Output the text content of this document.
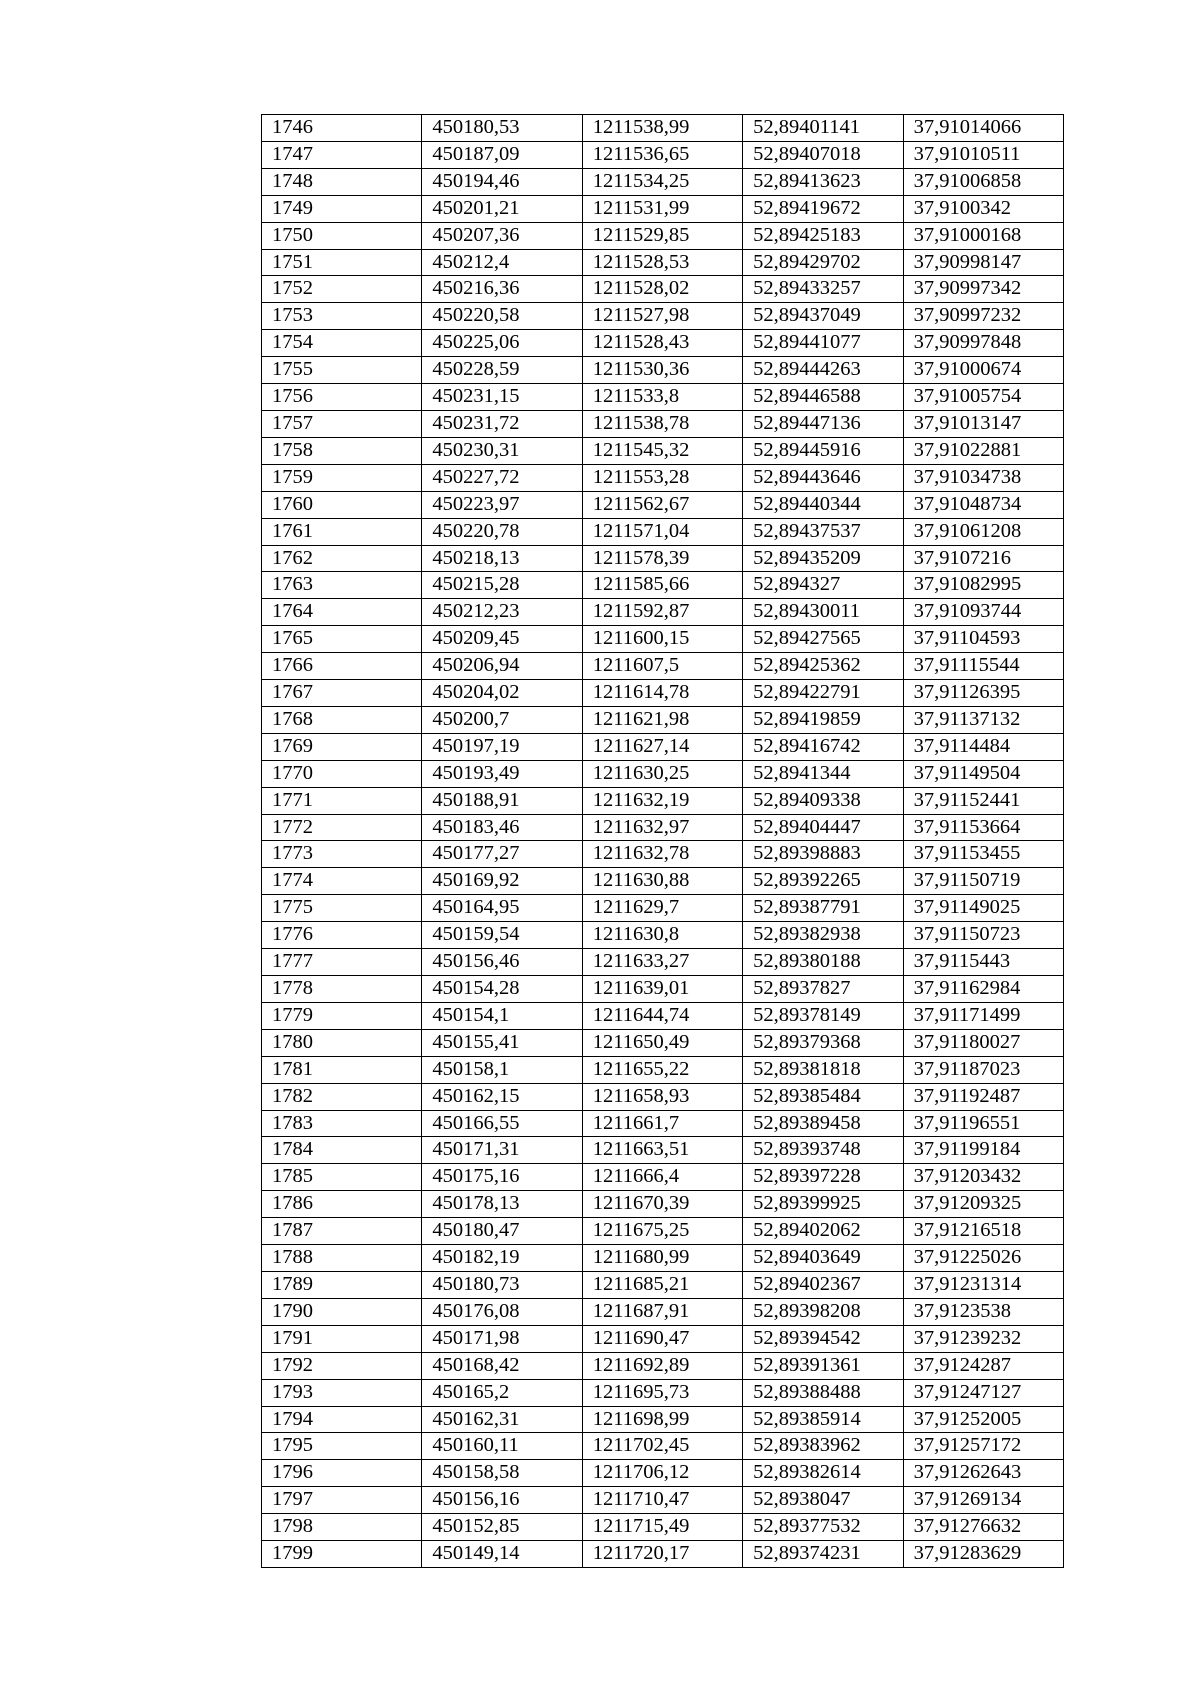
1746	450180,53	1211538,99	52,89401141	37,91014066
1747	450187,09	1211536,65	52,89407018	37,91010511
1748	450194,46	1211534,25	52,89413623	37,91006858
1749	450201,21	1211531,99	52,89419672	37,9100342
1750	450207,36	1211529,85	52,89425183	37,91000168
1751	450212,4	1211528,53	52,89429702	37,90998147
1752	450216,36	1211528,02	52,89433257	37,90997342
1753	450220,58	1211527,98	52,89437049	37,90997232
1754	450225,06	1211528,43	52,89441077	37,90997848
1755	450228,59	1211530,36	52,89444263	37,91000674
1756	450231,15	1211533,8	52,89446588	37,91005754
1757	450231,72	1211538,78	52,89447136	37,91013147
1758	450230,31	1211545,32	52,89445916	37,91022881
1759	450227,72	1211553,28	52,89443646	37,91034738
1760	450223,97	1211562,67	52,89440344	37,91048734
1761	450220,78	1211571,04	52,89437537	37,91061208
1762	450218,13	1211578,39	52,89435209	37,9107216
1763	450215,28	1211585,66	52,894327	37,91082995
1764	450212,23	1211592,87	52,89430011	37,91093744
1765	450209,45	1211600,15	52,89427565	37,91104593
1766	450206,94	1211607,5	52,89425362	37,91115544
1767	450204,02	1211614,78	52,89422791	37,91126395
1768	450200,7	1211621,98	52,89419859	37,91137132
1769	450197,19	1211627,14	52,89416742	37,9114484
1770	450193,49	1211630,25	52,8941344	37,91149504
1771	450188,91	1211632,19	52,89409338	37,91152441
1772	450183,46	1211632,97	52,89404447	37,91153664
1773	450177,27	1211632,78	52,89398883	37,91153455
1774	450169,92	1211630,88	52,89392265	37,91150719
1775	450164,95	1211629,7	52,89387791	37,91149025
1776	450159,54	1211630,8	52,89382938	37,91150723
1777	450156,46	1211633,27	52,89380188	37,9115443
1778	450154,28	1211639,01	52,8937827	37,91162984
1779	450154,1	1211644,74	52,89378149	37,91171499
1780	450155,41	1211650,49	52,89379368	37,91180027
1781	450158,1	1211655,22	52,89381818	37,91187023
1782	450162,15	1211658,93	52,89385484	37,91192487
1783	450166,55	1211661,7	52,89389458	37,91196551
1784	450171,31	1211663,51	52,89393748	37,91199184
1785	450175,16	1211666,4	52,89397228	37,91203432
1786	450178,13	1211670,39	52,89399925	37,91209325
1787	450180,47	1211675,25	52,89402062	37,91216518
1788	450182,19	1211680,99	52,89403649	37,91225026
1789	450180,73	1211685,21	52,89402367	37,91231314
1790	450176,08	1211687,91	52,89398208	37,9123538
1791	450171,98	1211690,47	52,89394542	37,91239232
1792	450168,42	1211692,89	52,89391361	37,9124287
1793	450165,2	1211695,73	52,89388488	37,91247127
1794	450162,31	1211698,99	52,89385914	37,91252005
1795	450160,11	1211702,45	52,89383962	37,91257172
1796	450158,58	1211706,12	52,89382614	37,91262643
1797	450156,16	1211710,47	52,8938047	37,91269134
1798	450152,85	1211715,49	52,89377532	37,91276632
1799	450149,14	1211720,17	52,89374231	37,91283629
